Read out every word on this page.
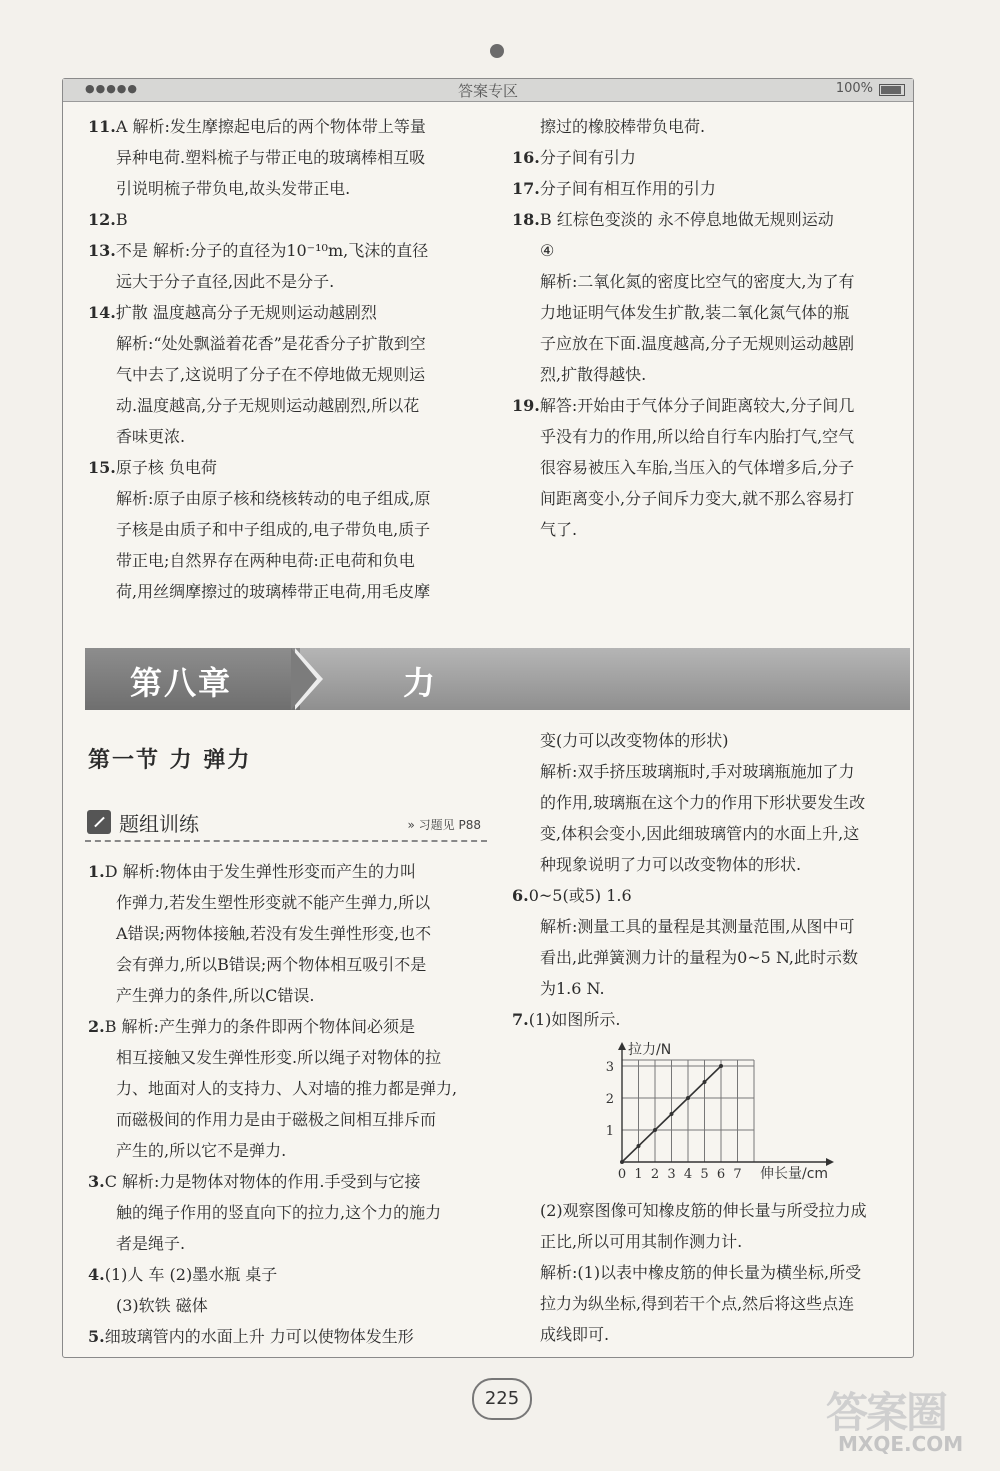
●●●●●	答案专区	100%

11.A 解析:发生摩擦起电后的两个物体带上等量

异种电荷.塑料梳子与带正电的玻璃棒相互吸

引说明梳子带负电,故头发带正电.

12.B

13.不是 解析:分子的直径为10⁻¹⁰m,飞沫的直径

远大于分子直径,因此不是分子.

14.扩散 温度越高分子无规则运动越剧烈

解析:“处处飘溢着花香”是花香分子扩散到空

气中去了,这说明了分子在不停地做无规则运

动.温度越高,分子无规则运动越剧烈,所以花

香味更浓.

15.原子核 负电荷

解析:原子由原子核和绕核转动的电子组成,原

子核是由质子和中子组成的,电子带负电,质子

带正电;自然界存在两种电荷:正电荷和负电

荷,用丝绸摩擦过的玻璃棒带正电荷,用毛皮摩

擦过的橡胶棒带负电荷.

16.分子间有引力

17.分子间有相互作用的引力

18.B 红棕色变淡的 永不停息地做无规则运动

④

解析:二氧化氮的密度比空气的密度大,为了有

力地证明气体发生扩散,装二氧化氮气体的瓶

子应放在下面.温度越高,分子无规则运动越剧

烈,扩散得越快.

19.解答:开始由于气体分子间距离较大,分子间几

乎没有力的作用,所以给自行车内胎打气,空气

很容易被压入车胎,当压入的气体增多后,分子

间距离变小,分子间斥力变大,就不那么容易打

气了.

第八章	力
第一节 力 弹力
题组训练	» 习题见 P88

1.D 解析:物体由于发生弹性形变而产生的力叫

作弹力,若发生塑性形变就不能产生弹力,所以

A错误;两物体接触,若没有发生弹性形变,也不

会有弹力,所以B错误;两个物体相互吸引不是

产生弹力的条件,所以C错误.

2.B 解析:产生弹力的条件即两个物体间必须是

相互接触又发生弹性形变.所以绳子对物体的拉

力、地面对人的支持力、人对墙的推力都是弹力,

而磁极间的作用力是由于磁极之间相互排斥而

产生的,所以它不是弹力.

3.C 解析:力是物体对物体的作用.手受到与它接

触的绳子作用的竖直向下的拉力,这个力的施力

者是绳子.

4.(1)人 车 (2)墨水瓶 桌子

(3)软铁 磁体

5.细玻璃管内的水面上升 力可以使物体发生形

变(力可以改变物体的形状)

解析:双手挤压玻璃瓶时,手对玻璃瓶施加了力

的作用,玻璃瓶在这个力的作用下形状要发生改

变,体积会变小,因此细玻璃管内的水面上升,这

种现象说明了力可以改变物体的形状.

6.0~5(或5) 1.6

解析:测量工具的量程是其测量范围,从图中可

看出,此弹簧测力计的量程为0~5 N,此时示数

为1.6 N.

7.(1)如图所示.

0 1 2 3 4 5 6 7
1
2
3
拉力/N
伸长量/cm

(2)观察图像可知橡皮筋的伸长量与所受拉力成

正比,所以可用其制作测力计.

解析:(1)以表中橡皮筋的伸长量为横坐标,所受

拉力为纵坐标,得到若干个点,然后将这些点连

成线即可.

225	答案圈
MXQE.COM
